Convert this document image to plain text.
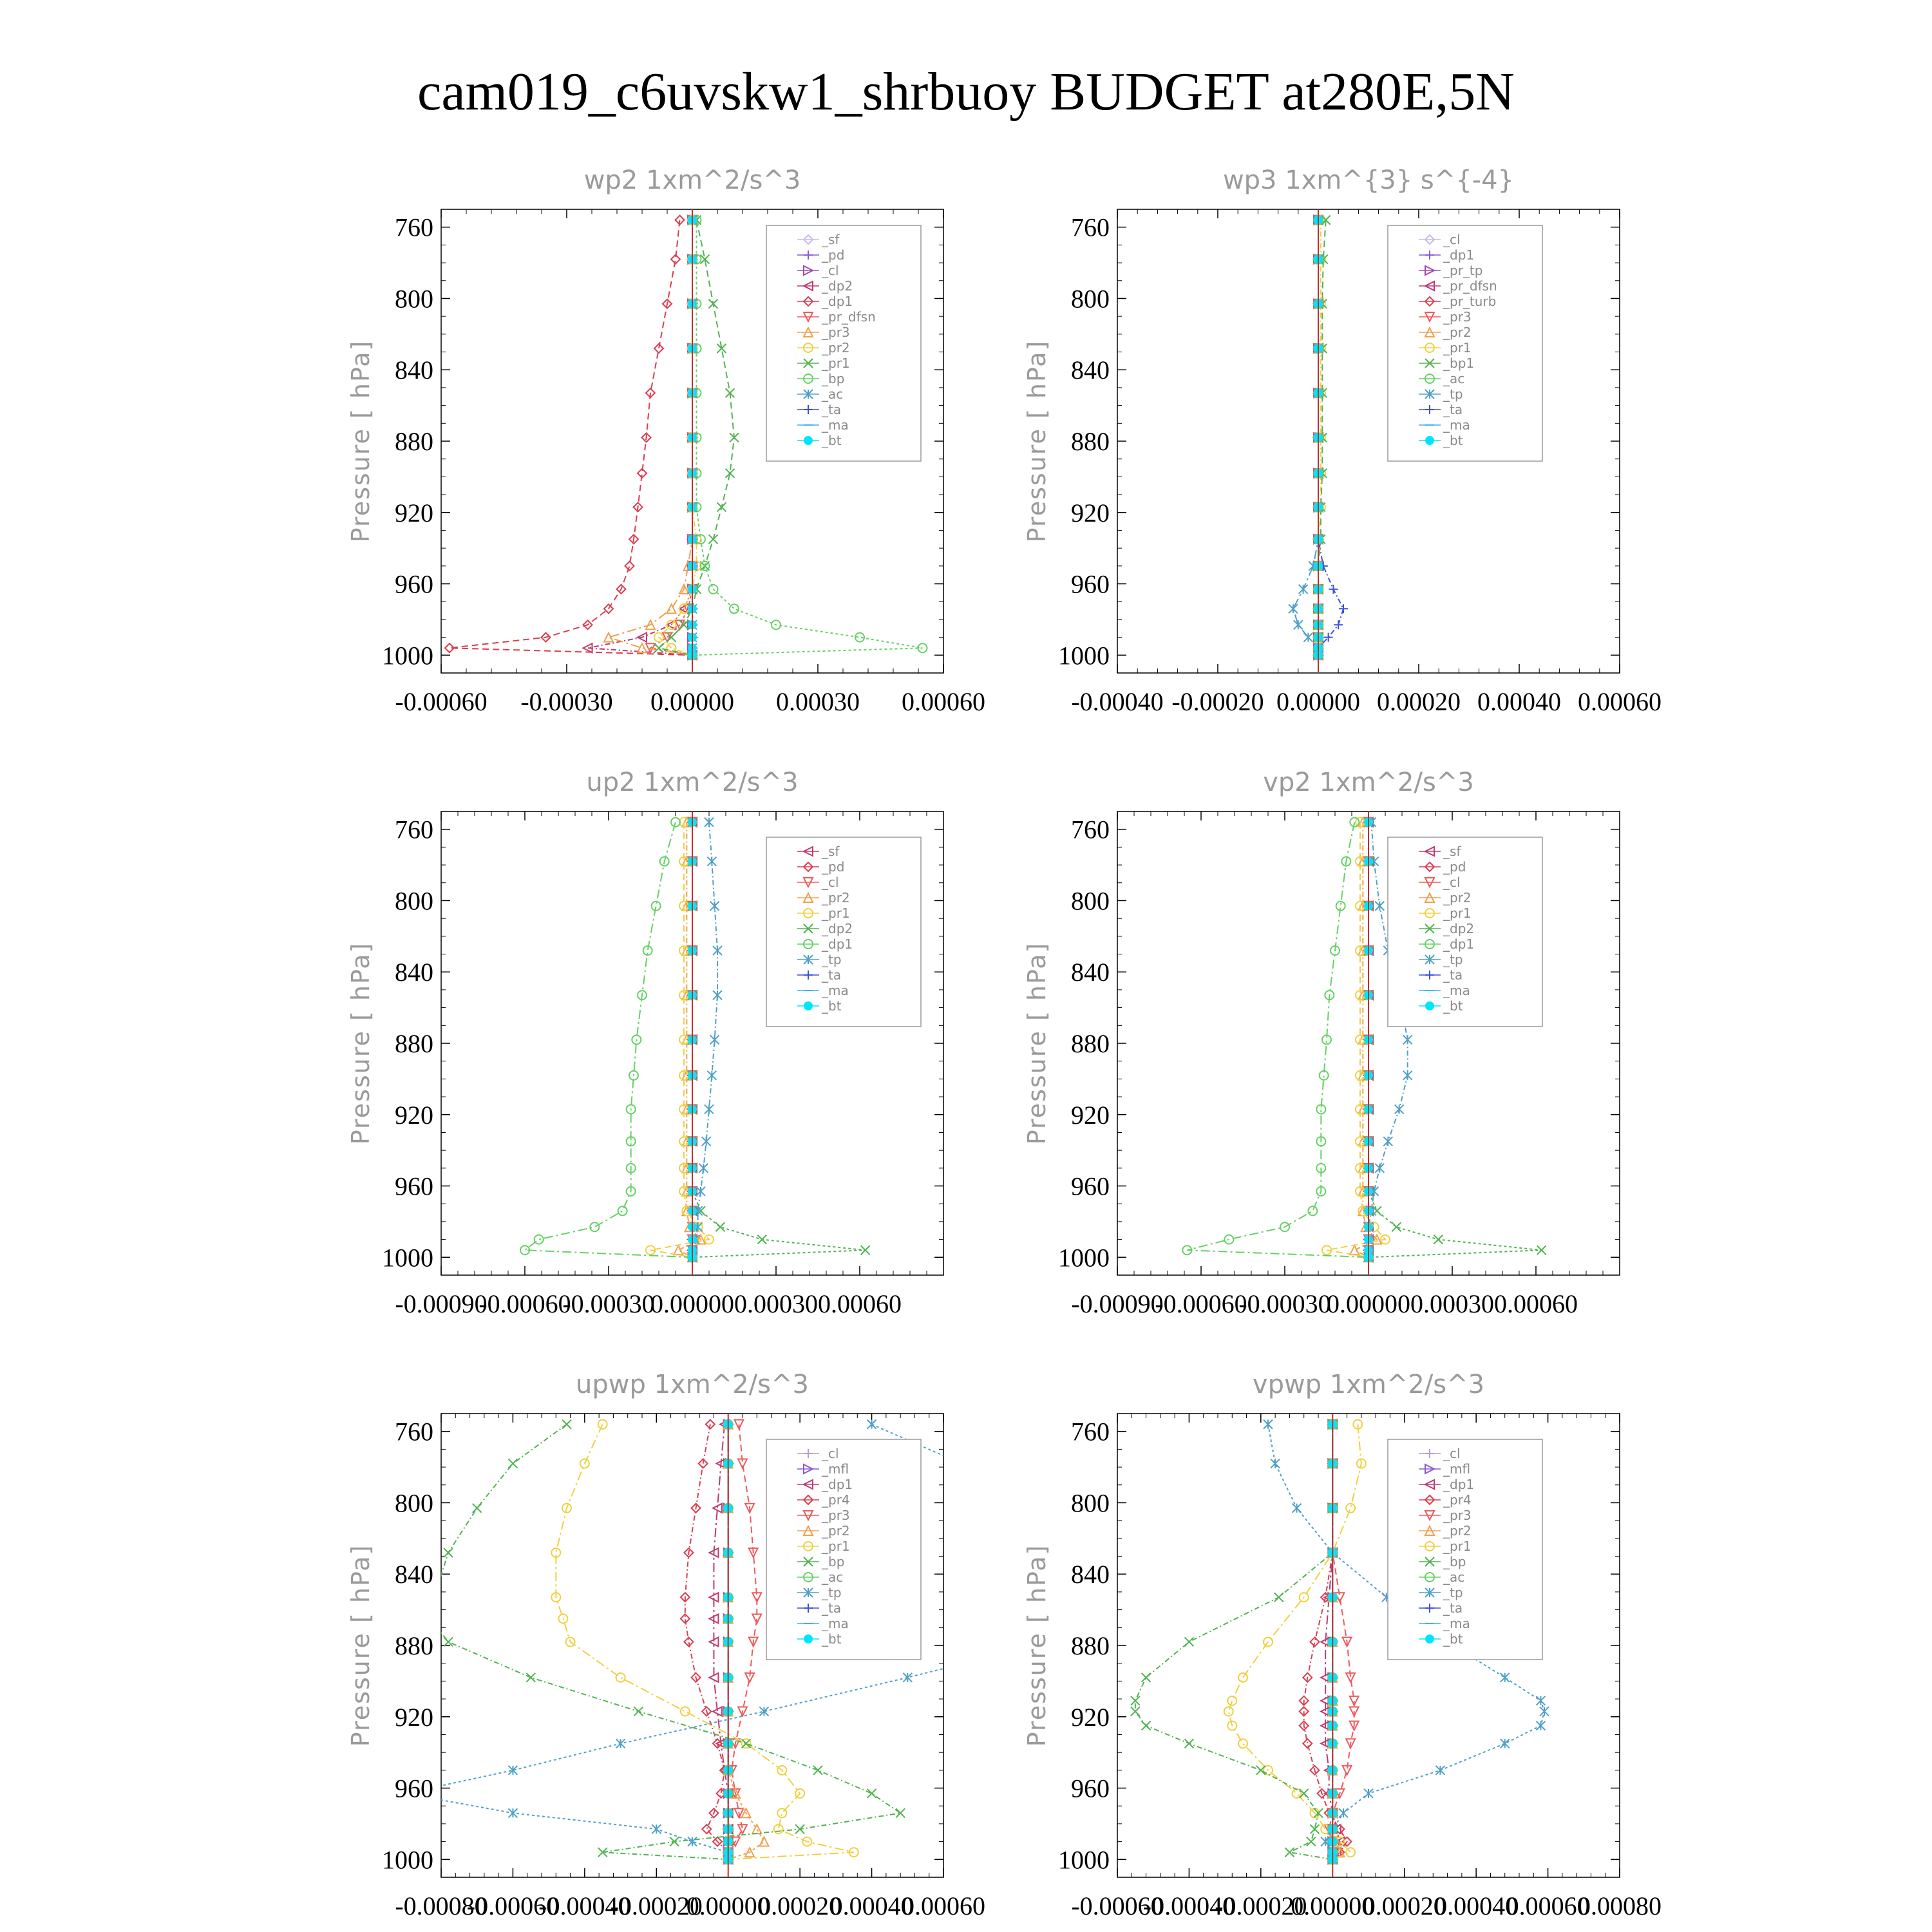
cam019_c6uvskw1_shrbuoy BUDGET at280E,5N
wp2 1xm^2/s^3
Pressure [ hPa]
760
800
840
880
920
960
1000
-0.00060 -0.00030 0.00000 0.00030 0.00060
_sf
_pd
_cl
_dp2
_dp1
_pr_dfsn
_pr3
_pr2
_pr1
_bp
_ac
_ta
_ma
_bt
wp3 1xm^{3} s^{-4}
Pressure [ hPa]
760
800
840
880
920
960
1000
-0.00040 -0.00020 0.00000 0.00020 0.00040 0.00060
_cl
_dp1
_pr_tp
_pr_dfsn
_pr_turb
_pr3
_pr2
_pr1
_bp1
_ac
_tp
_ta
_ma
_bt
up2 1xm^2/s^3
Pressure [ hPa]
760
800
840
880
920
960
1000
-0.00090
-0.00060
-0.00030
0.00000 0.00030 0.00060
_sf
_pd
_cl
_pr2
_pr1
_dp2
_dp1
_tp
_ta
_ma
_bt
vp2 1xm^2/s^3
Pressure [ hPa]
760
800
840
880
920
960
1000
-0.00090
-0.00060
-0.00030
0.00000 0.00030 0.00060
_sf
_pd
_cl
_pr2
_pr1
_dp2
_dp1
_tp
_ta
_ma
_bt
upwp 1xm^2/s^3
Pressure [ hPa]
760
800
840
880
920
960
1000
-0.00080
-0.00060
-0.00040
-0.00020
0.00000
0.00020
0.00040
0.00060
_cl
_mfl
_dp1
_pr4
_pr3
_pr2
_pr1
_bp
_ac
_tp
_ta
_ma
_bt
vpwp 1xm^2/s^3
Pressure [ hPa]
760
800
840
880
920
960
1000
-0.00060
-0.00040
-0.00020
0.00000
0.00020
0.00040
0.00060
0.00080
_cl
_mfl
_dp1
_pr4
_pr3
_pr2
_pr1
_bp
_ac
_tp
_ta
_ma
_bt
